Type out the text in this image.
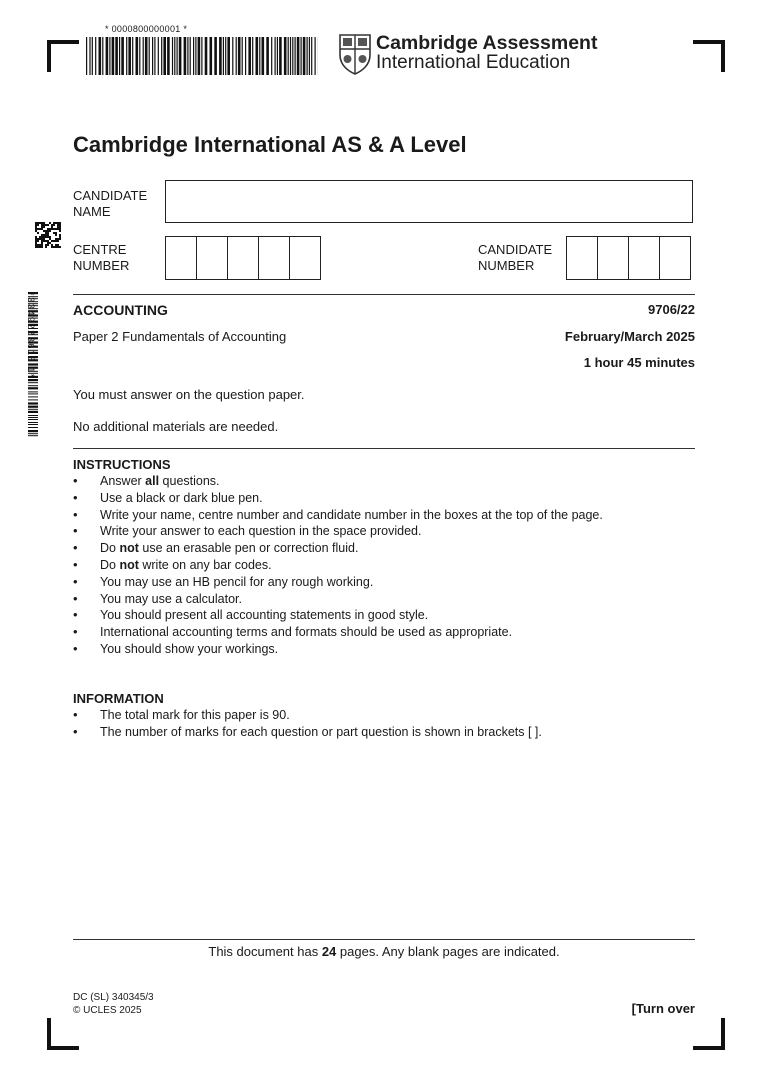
* 0000800000001 *
Cambridge Assessment
International Education
*3349223618 1*
Cambridge International AS & A Level
CANDIDATE NAME
CENTRE NUMBER
CANDIDATE NUMBER
ACCOUNTING	9706/22
Paper 2 Fundamentals of Accounting	February/March 2025
1 hour 45 minutes
You must answer on the question paper.
No additional materials are needed.
INSTRUCTIONS
• Answer all questions.
• Use a black or dark blue pen.
• Write your name, centre number and candidate number in the boxes at the top of the page.
• Write your answer to each question in the space provided.
• Do not use an erasable pen or correction fluid.
• Do not write on any bar codes.
• You may use an HB pencil for any rough working.
• You may use a calculator.
• You should present all accounting statements in good style.
• International accounting terms and formats should be used as appropriate.
• You should show your workings.
INFORMATION
• The total mark for this paper is 90.
• The number of marks for each question or part question is shown in brackets [ ].
This document has 24 pages. Any blank pages are indicated.
DC (SL) 340345/3
© UCLES 2025	[Turn over
